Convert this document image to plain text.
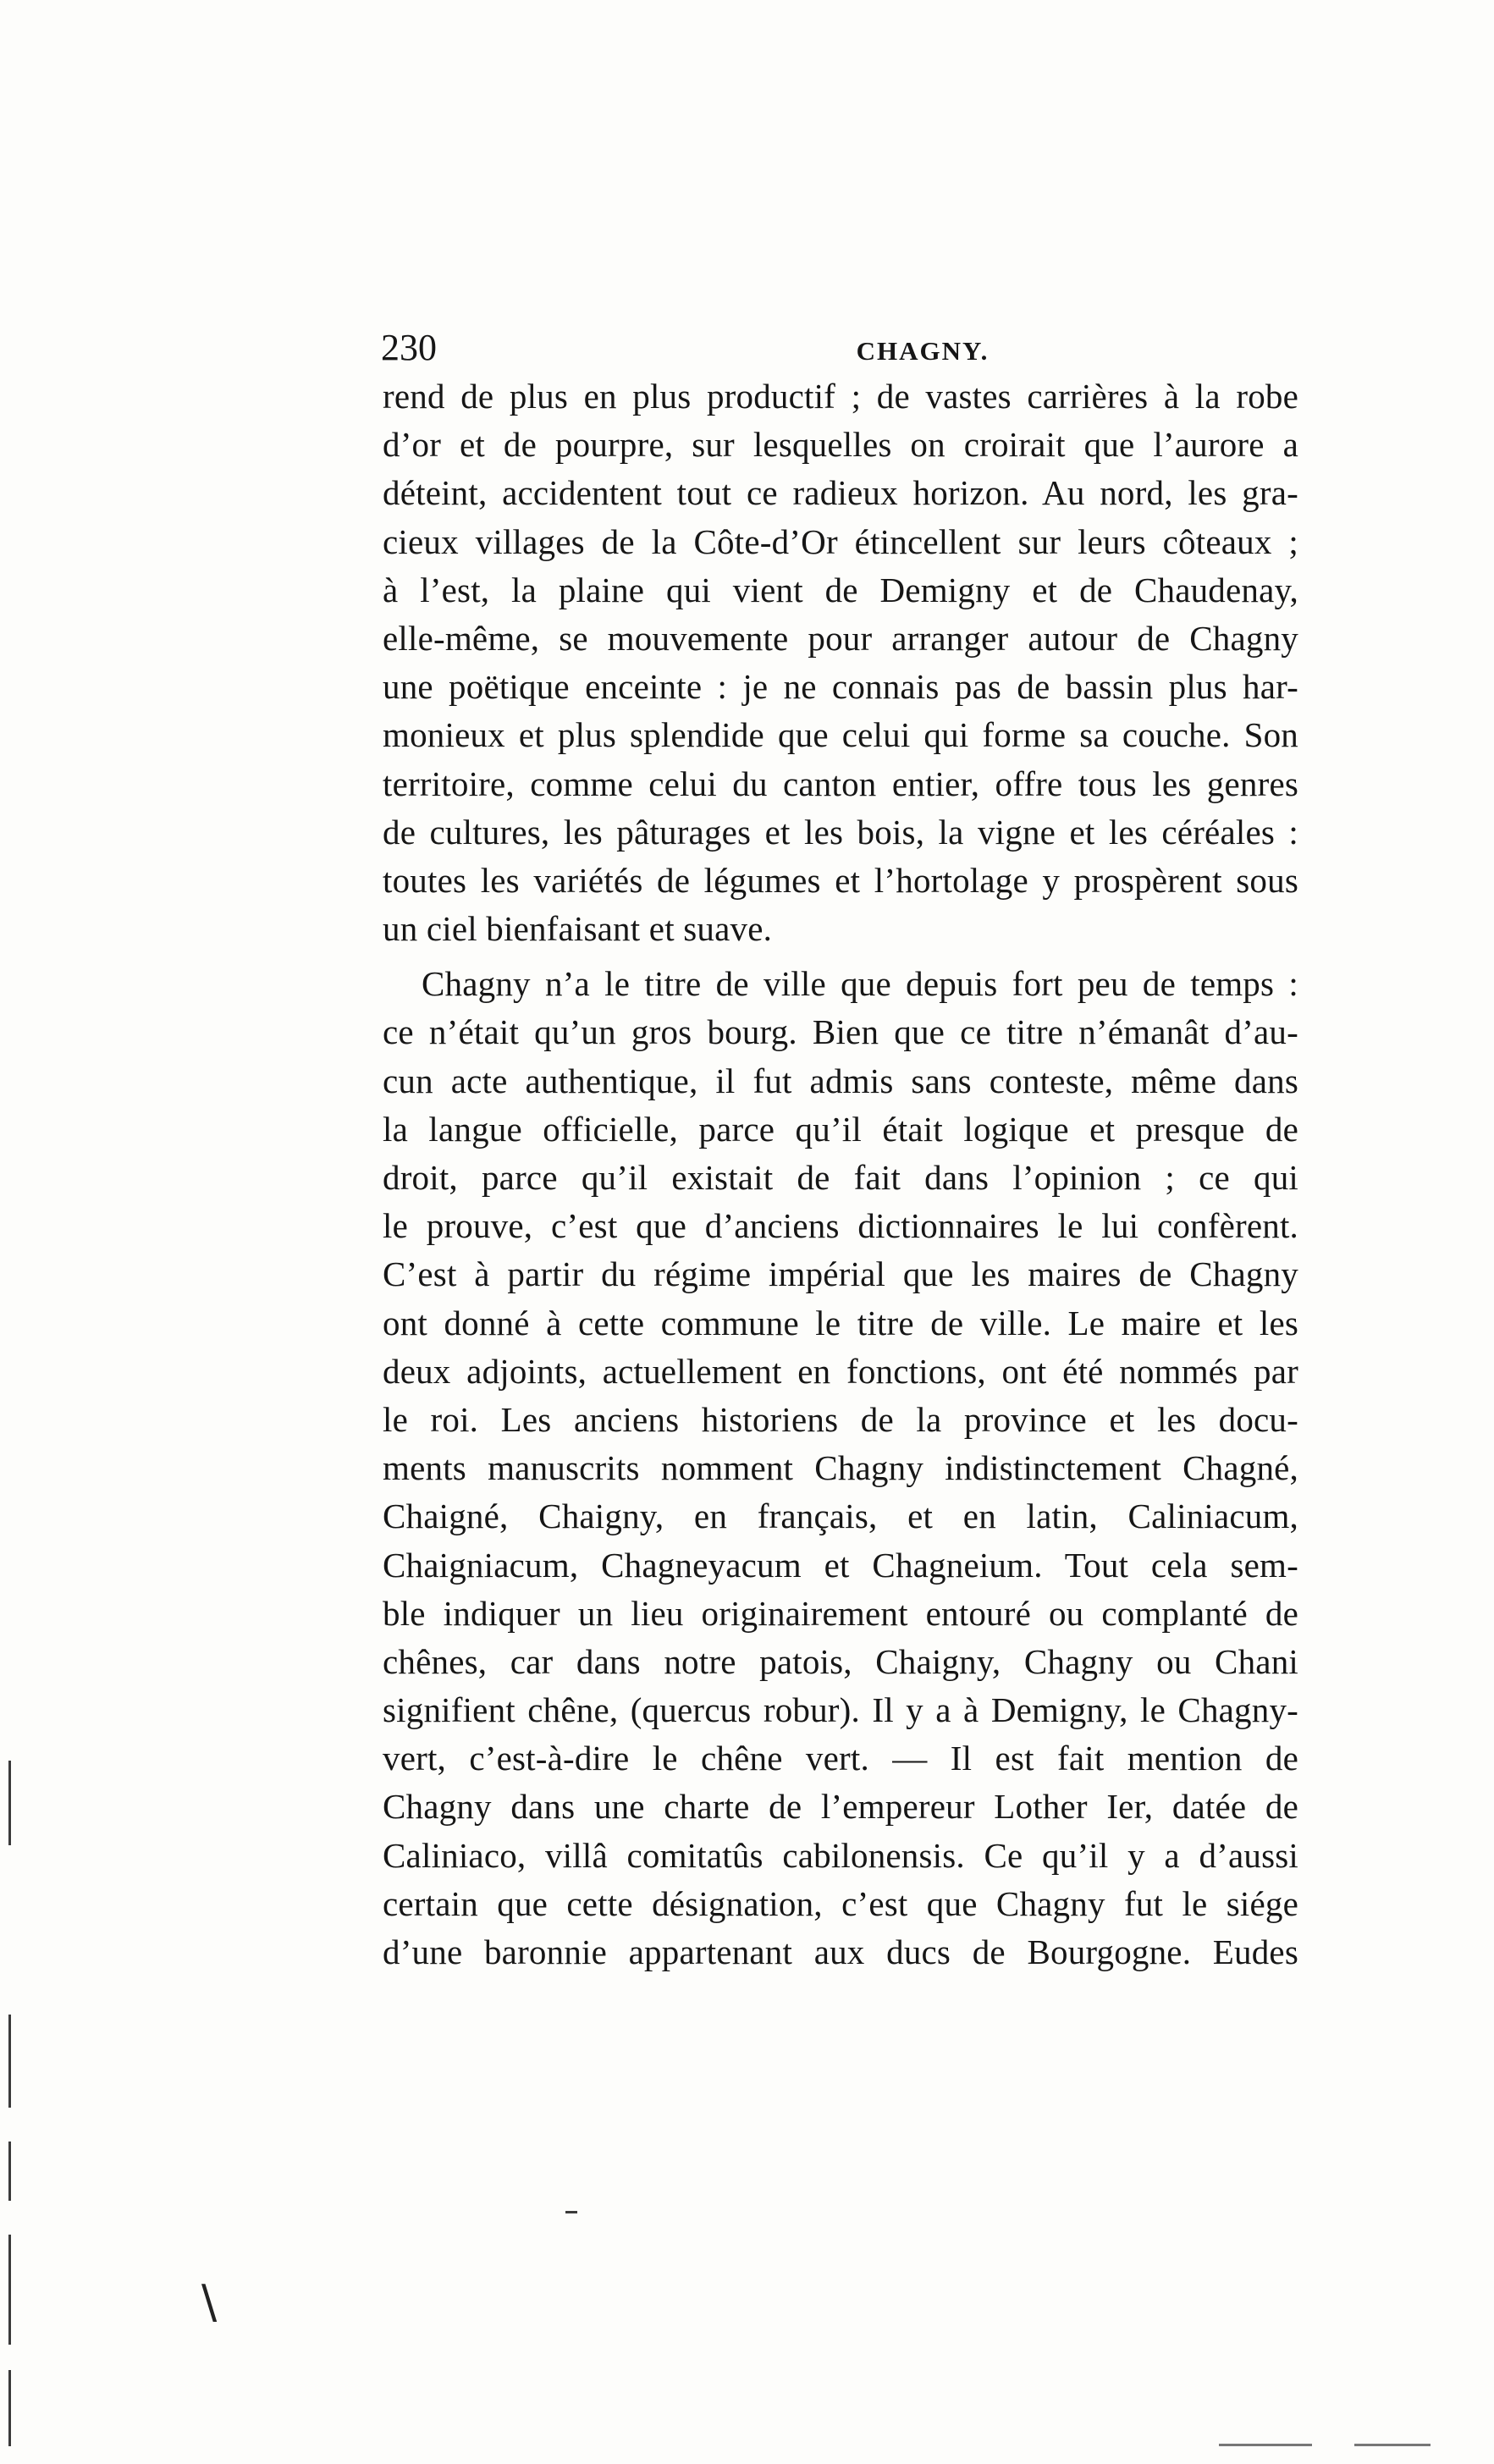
230	CHAGNY.
rend de plus en plus productif ; de vastes carrières à la robe
d’or et de pourpre, sur lesquelles on croirait que l’aurore a
déteint, accidentent tout ce radieux horizon. Au nord, les gra-
cieux villages de la Côte-d’Or étincellent sur leurs côteaux ;
à l’est, la plaine qui vient de Demigny et de Chaudenay,
elle-même, se mouvemente pour arranger autour de Chagny
une poëtique enceinte : je ne connais pas de bassin plus har-
monieux et plus splendide que celui qui forme sa couche. Son
territoire, comme celui du canton entier, offre tous les genres
de cultures, les pâturages et les bois, la vigne et les céréales :
toutes les variétés de légumes et l’hortolage y prospèrent sous
un ciel bienfaisant et suave.
Chagny n’a le titre de ville que depuis fort peu de temps :
ce n’était qu’un gros bourg. Bien que ce titre n’émanât d’au-
cun acte authentique, il fut admis sans conteste, même dans
la langue officielle, parce qu’il était logique et presque de
droit, parce qu’il existait de fait dans l’opinion ; ce qui
le prouve, c’est que d’anciens dictionnaires le lui confèrent.
C’est à partir du régime impérial que les maires de Chagny
ont donné à cette commune le titre de ville. Le maire et les
deux adjoints, actuellement en fonctions, ont été nommés par
le roi. Les anciens historiens de la province et les docu-
ments manuscrits nomment Chagny indistinctement Chagné,
Chaigné, Chaigny, en français, et en latin, Caliniacum,
Chaigniacum, Chagneyacum et Chagneium. Tout cela sem-
ble indiquer un lieu originairement entouré ou complanté de
chênes, car dans notre patois, Chaigny, Chagny ou Chani
signifient chêne, (quercus robur). Il y a à Demigny, le Chagny-
vert, c’est-à-dire le chêne vert. — Il est fait mention de
Chagny dans une charte de l’empereur Lother Ier, datée de
Caliniaco, villâ comitatûs cabilonensis. Ce qu’il y a d’aussi
certain que cette désignation, c’est que Chagny fut le siége
d’une baronnie appartenant aux ducs de Bourgogne. Eudes
\
